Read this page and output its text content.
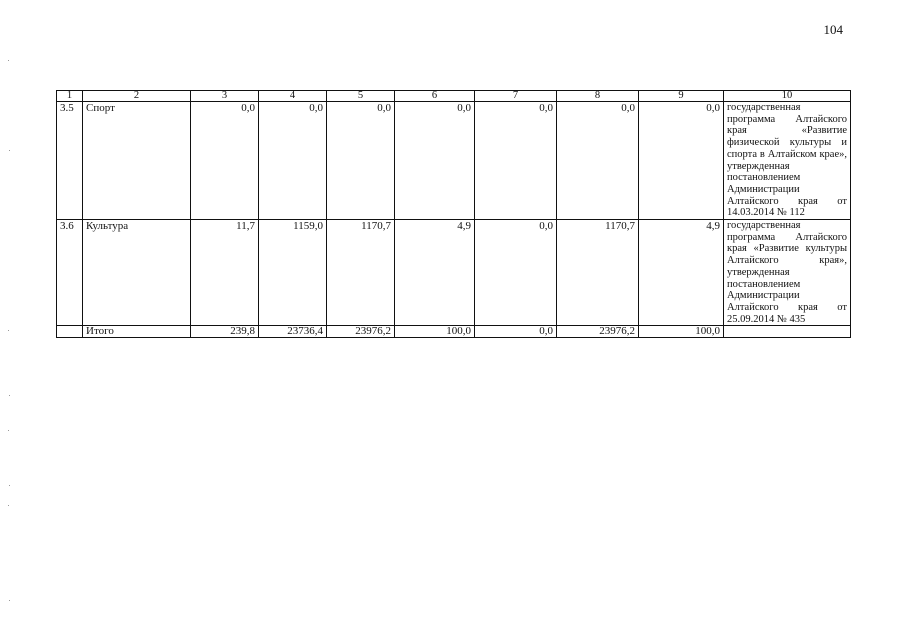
104
1	2	3	4	5	6	7	8	9	10
3.5	Спорт	0,0	0,0	0,0	0,0	0,0	0,0	0,0	государственная программа Алтайского края «Развитие физической культуры и спорта в Алтайском крае», утвержденная постановлением Администрации Алтайского края от 14.03.2014 № 112
3.6	Культура	11,7	1159,0	1170,7	4,9	0,0	1170,7	4,9	государственная программа Алтайского края «Развитие культуры Алтайского края», утвержденная постановлением Администрации Алтайского края от 25.09.2014 № 435
	Итого	239,8	23736,4	23976,2	100,0	0,0	23976,2	100,0	
